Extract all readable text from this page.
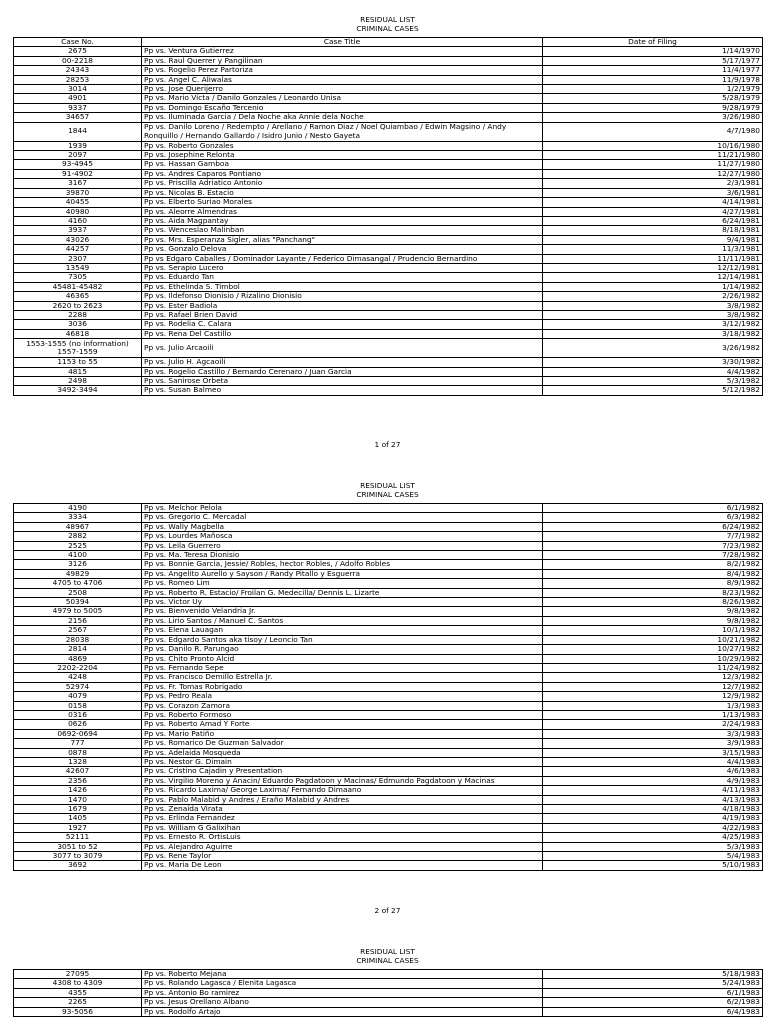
RESIDUAL LIST
CRIMINAL CASES
Case No.	Case Title	Date of Filing
2675	Pp vs. Ventura Gutierrez	1/14/1970
00-2218	Pp vs. Raul Querrer y Pangilinan	5/17/1977
24343	Pp vs. Rogelio Perez Partoriza	11/4/1977
28253	Pp vs. Angel C. Aliwalas	11/9/1978
3014	Pp vs. Jose Querijerro	1/2/1979
4901	Pp vs. Mario Victa / Danilo Gonzales / Leonardo Unisa	5/28/1979
9337	Pp vs. Domingo Escaño Tercenio	9/28/1979
34657	Pp vs. Iluminada Garcia / Dela Noche aka Annie dela Noche	3/26/1980
1844	Pp vs. Danilo Loreno / Redempto / Arellano / Ramon Diaz / Noel Quiambao / Edwin Magsino / Andy Ronquillo / Hernando Gallardo / Isidro Junio / Nesto Gayeta	4/7/1980
1939	Pp vs. Roberto Gonzales	10/16/1980
2097	Pp vs. Josephine Relonta	11/21/1980
93-4945	Pp vs. Hassan Gamboa	11/27/1980
91-4902	Pp vs. Andres Caparos Pontiano	12/27/1980
3167	Pp vs. Priscilla Adriatico Antonio	2/3/1981
39870	Pp vs. Nicolas B. Estacio	3/6/1981
40455	Pp vs. Elberto Suriao Morales	4/14/1981
40980	Pp vs. Aleorre Almendras	4/27/1981
4160	Pp vs. Aida Magpantay	6/24/1981
3937	Pp vs. Wenceslao Malinban	8/18/1981
43026	Pp vs. Mrs. Esperanza Sigler, alias "Panchang"	9/4/1981
44257	Pp vs. Gonzalo Delova	11/3/1981
2307	Pp vs Edgaro Caballes / Dominador Layante / Federico Dimasangal / Prudencio Bernardino	11/11/1981
13549	Pp vs. Serapio Lucero	12/12/1981
7305	Pp vs. Eduardo Tan	12/14/1981
45481-45482	Pp vs. Ethelinda S. Timbol	1/14/1982
46365	Pp vs. Ildefonso Dionisio / Rizalino Dionisio	2/26/1982
2620 to 2623	Pp vs. Ester Badiola	3/8/1982
2288	Pp vs. Rafael Brien David	3/8/1982
3036	Pp vs. Rodelia C. Calara	3/12/1982
46818	Pp vs. Rena Del Castillo	3/18/1982
1553-1555 (no information) 1557-1559	Pp vs. Julio Arcaoili	3/26/1982
1153 to 55	Pp vs. Julio H. Agcaoili	3/30/1982
4815	Pp vs. Rogelio Castillo / Bernardo Cerenaro / Juan Garcia	4/4/1982
2498	Pp vs. Sanirose Orbeta	5/3/1982
3492-3494	Pp vs. Susan Balmeo	5/12/1982
1 of 27
RESIDUAL LIST
CRIMINAL CASES
4190	Pp vs. Melchor Pelola	6/1/1982
3334	Pp vs. Gregorio C. Mercadal	6/3/1982
48967	Pp vs. Wally Magbella	6/24/1982
2882	Pp vs. Lourdes Mañosca	7/7/1982
2525	Pp vs. Leila Guerrero	7/23/1982
4100	Pp vs. Ma. Teresa Dionisio	7/28/1982
3126	Pp vs. Bonnie Garcia, Jessie/ Robles, hector Robles, / Adolfo Robles	8/2/1982
49829	Pp vs. Angelito Aurello y Sayson / Randy Pitallo y Esguerra	8/4/1982
4705 to 4706	Pp vs. Romeo Lim	8/9/1982
2508	Pp vs. Roberto R. Estacio/ Froilan G. Medecilla/ Dennis L. Lizarte	8/23/1982
50394	Pp vs. Victor Uy	8/26/1982
4979 to 5005	Pp vs. Bienvenido Velandria Jr.	9/8/1982
2156	Pp vs. Lirio Santos / Manuel C. Santos	9/8/1982
2567	Pp vs. Elena Lauagan	10/1/1982
28038	Pp vs. Edgardo Santos aka tisoy / Leoncio Tan	10/21/1982
2814	Pp vs. Danilo R. Parungao	10/27/1982
4869	Pp vs. Chito Pronto Alcid	10/29/1982
2202-2204	Pp vs. Fernando Sepe	11/24/1982
4248	Pp vs. Francisco Demillo Estrella Jr.	12/3/1982
52974	Pp vs. Fr. Tomas Robrigado	12/7/1982
4079	Pp vs. Pedro Reala	12/9/1982
0158	Pp vs. Corazon Zamora	1/3/1983
0316	Pp vs. Roberto Formoso	1/13/1983
0626	Pp vs. Roberto Amad Y Forte	2/24/1983
0692-0694	Pp vs. Mario Patiño	3/3/1983
777	Pp vs. Romarico De Guzman Salvador	3/9/1983
0878	Pp vs. Adelaida Mosqueda	3/15/1983
1328	Pp vs. Nestor G. Dimain	4/4/1983
42607	Pp vs. Cristino Cajadin y Presentation	4/6/1983
2356	Pp vs. Virgilio Moreno y Anacin/ Eduardo Pagdatoon y Macinas/ Edmundo Pagdatoon y Macinas	4/9/1983
1426	Pp vs. Ricardo Laxima/ George Laxima/ Fernando Dimaano	4/11/1983
1470	Pp vs. Pablo Malabid y Andres / Eraño Malabid y Andres	4/13/1983
1679	Pp vs. Zenaida Virata	4/18/1983
1405	Pp vs. Erlinda Fernandez	4/19/1983
1927	Pp vs. William G Galixihan	4/22/1983
52111	Pp vs. Ernesto R. OrtisLuis	4/25/1983
3051 to 52	Pp vs. Alejandro Aguirre	5/3/1983
3077 to 3079	Pp vs. Rene Taylor	5/4/1983
3692	Pp vs. Maria De Leon	5/10/1983
2 of 27
RESIDUAL LIST
CRIMINAL CASES
27095	Pp vs. Roberto Mejana	5/18/1983
4308 to 4309	Pp vs. Rolando Lagasca / Elenita Lagasca	5/24/1983
4355	Pp vs. Antonio Bo ramirez	6/1/1983
2265	Pp vs. Jesus Orellano Albano	6/2/1983
93-5056	Pp vs. Rodolfo Artajo	6/4/1983
